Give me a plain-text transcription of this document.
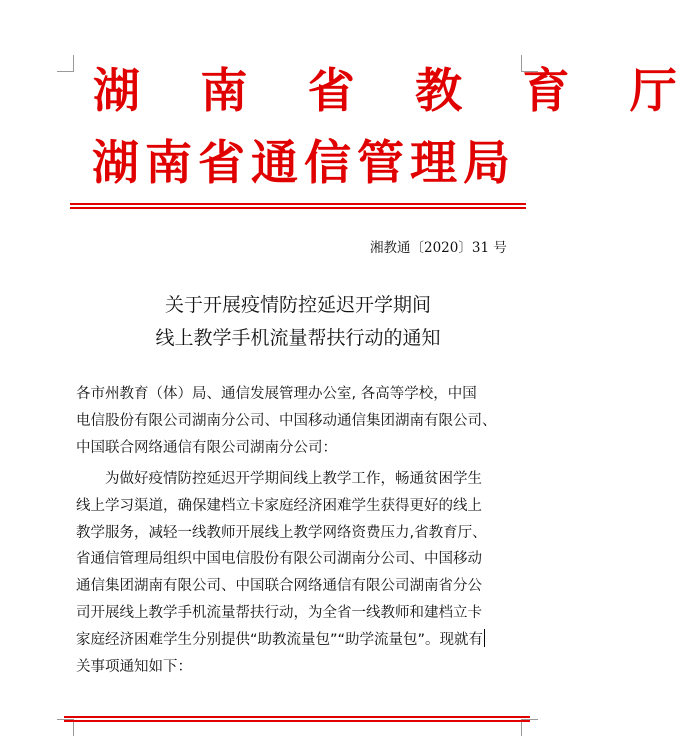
湖 南 省 教 育 厅
湖南省通信管理局
湘教通〔2020〕31 号
关于开展疫情防控延迟开学期间
线上教学手机流量帮扶行动的通知
各市州教育（体）局、通信发展管理办公室, 各高等学校，中国
电信股份有限公司湖南分公司、中国移动通信集团湖南有限公司、
中国联合网络通信有限公司湖南分公司：
为做好疫情防控延迟开学期间线上教学工作，畅通贫困学生
线上学习渠道，确保建档立卡家庭经济困难学生获得更好的线上
教学服务，减轻一线教师开展线上教学网络资费压力,省教育厅、
省通信管理局组织中国电信股份有限公司湖南分公司、中国移动
通信集团湖南有限公司、中国联合网络通信有限公司湖南省分公
司开展线上教学手机流量帮扶行动，为全省一线教师和建档立卡
家庭经济困难学生分别提供“助教流量包”“助学流量包”。现就有
关事项通知如下：
